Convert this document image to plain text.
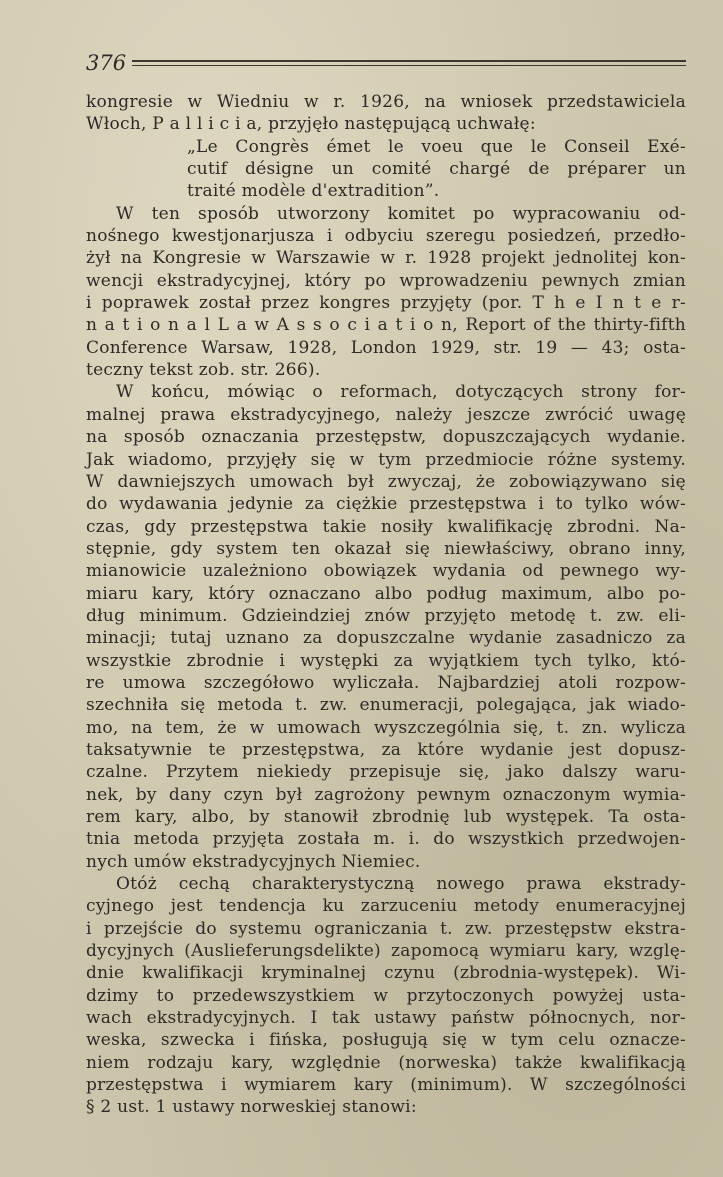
376
kongresie w Wiedniu w r. 1926, na wniosek przedstawiciela
Włoch, P a l l i c i a, przyjęło następującą uchwałę:
„Le Congrès émet le voeu que le Conseil Exé-
cutif désigne un comité chargé de préparer un
traité modèle d'extradition”.
W ten sposób utworzony komitet po wypracowaniu od-
nośnego kwestjonarjusza i odbyciu szeregu posiedzeń, przedło-
żył na Kongresie w Warszawie w r. 1928 projekt jednolitej kon-
wencji ekstradycyjnej, który po wprowadzeniu pewnych zmian
i poprawek został przez kongres przyjęty (por. T h e I n t e r-
n a t i o n a l L a w A s s o c i a t i o n, Report of the thirty-fifth
Conference Warsaw, 1928, London 1929, str. 19 — 43; osta-
teczny tekst zob. str. 266).
W końcu, mówiąc o reformach, dotyczących strony for-
malnej prawa ekstradycyjnego, należy jeszcze zwrócić uwagę
na sposób oznaczania przestępstw, dopuszczających wydanie.
Jak wiadomo, przyjęły się w tym przedmiocie różne systemy.
W dawniejszych umowach był zwyczaj, że zobowiązywano się
do wydawania jedynie za ciężkie przestępstwa i to tylko wów-
czas, gdy przestępstwa takie nosiły kwalifikację zbrodni. Na-
stępnie, gdy system ten okazał się niewłaściwy, obrano inny,
mianowicie uzależniono obowiązek wydania od pewnego wy-
miaru kary, który oznaczano albo podług maximum, albo po-
dług minimum. Gdzieindziej znów przyjęto metodę t. zw. eli-
minacji; tutaj uznano za dopuszczalne wydanie zasadniczo za
wszystkie zbrodnie i występki za wyjątkiem tych tylko, któ-
re umowa szczegółowo wyliczała. Najbardziej atoli rozpow-
szechniła się metoda t. zw. enumeracji, polegająca, jak wiado-
mo, na tem, że w umowach wyszczególnia się, t. zn. wylicza
taksatywnie te przestępstwa, za które wydanie jest dopusz-
czalne. Przytem niekiedy przepisuje się, jako dalszy waru-
nek, by dany czyn był zagrożony pewnym oznaczonym wymia-
rem kary, albo, by stanowił zbrodnię lub występek. Ta osta-
tnia metoda przyjęta została m. i. do wszystkich przedwojen-
nych umów ekstradycyjnych Niemiec.
Otóż cechą charakterystyczną nowego prawa ekstrady-
cyjnego jest tendencja ku zarzuceniu metody enumeracyjnej
i przejście do systemu ograniczania t. zw. przestępstw ekstra-
dycyjnych (Auslieferungsdelikte) zapomocą wymiaru kary, wzglę-
dnie kwalifikacji kryminalnej czynu (zbrodnia-występek). Wi-
dzimy to przedewszystkiem w przytoczonych powyżej usta-
wach ekstradycyjnych. I tak ustawy państw północnych, nor-
weska, szwecka i fińska, posługują się w tym celu oznacze-
niem rodzaju kary, względnie (norweska) także kwalifikacją
przestępstwa i wymiarem kary (minimum). W szczególności
§ 2 ust. 1 ustawy norweskiej stanowi:
